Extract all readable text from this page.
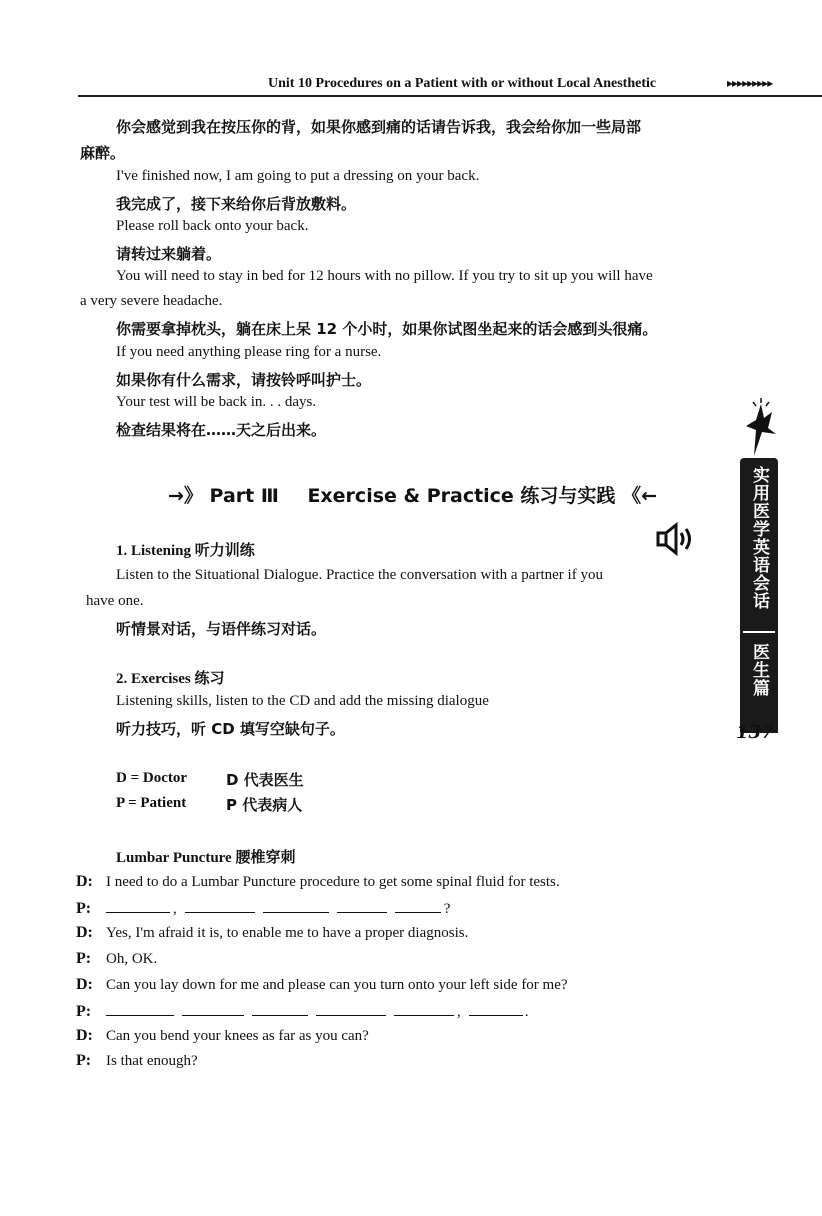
Unit 10 Procedures on a Patient with or without Local Anesthetic	▸▸▸▸▸▸▸▸▸
你会感觉到我在按压你的背，如果你感到痛的话请告诉我，我会给你加一些局部
麻醉。
I've finished now, I am going to put a dressing on your back.
我完成了，接下来给你后背放敷料。
Please roll back onto your back.
请转过来躺着。
You will need to stay in bed for 12 hours with no pillow. If you try to sit up you will have
a very severe headache.
你需要拿掉枕头，躺在床上呆 12 个小时，如果你试图坐起来的话会感到头很痛。
If you need anything please ring for a nurse.
如果你有什么需求，请按铃呼叫护士。
Your test will be back in. . . days.
检查结果将在……天之后出来。
→》 Part Ⅲ Exercise & Practice 练习与实践 《←
1. Listening 听力训练
Listen to the Situational Dialogue. Practice the conversation with a partner if you
have one.
听情景对话，与语伴练习对话。
2. Exercises 练习
Listening skills, listen to the CD and add the missing dialogue
听力技巧，听 CD 填写空缺句子。
D = Doctor	D 代表医生
P = Patient	P 代表病人
Lumbar Puncture 腰椎穿刺
D: I need to do a Lumbar Puncture procedure to get some spinal fluid for tests.
P:	,	?
D: Yes, I'm afraid it is, to enable me to have a proper diagnosis.
P: Oh, OK.
D: Can you lay down for me and please can you turn onto your left side for me?
P:	,	.
D: Can you bend your knees as far as you can?
P: Is that enough?
实用医学英语会话
医生篇
137
